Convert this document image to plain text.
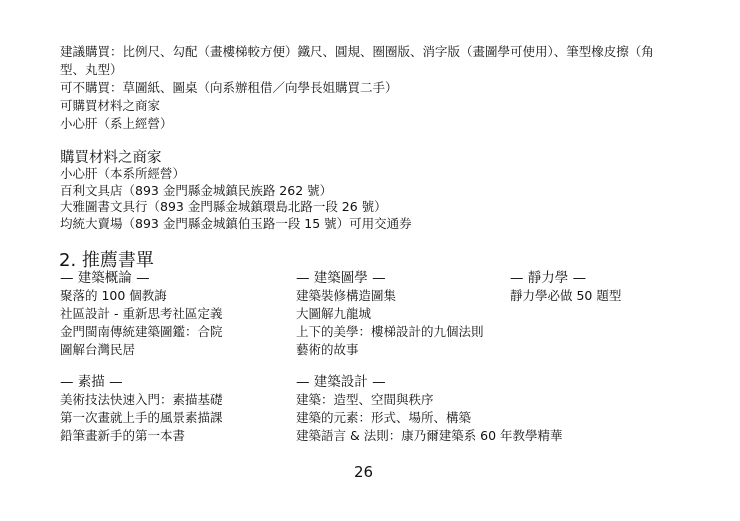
建議購買：比例尺、勾配（畫樓梯較方便）鐵尺、圓規、圈圈版、消字版（畫圖學可使用）、筆型橡皮擦（角
型、丸型）
可不購買：草圖紙、圖桌（向系辦租借／向學長姐購買二手）
可購買材料之商家
小心肝（系上經營）
購買材料之商家
小心肝（本系所經營）
百利文具店（893 金門縣金城鎮民族路 262 號）
大雅圖書文具行（893 金門縣金城鎮環島北路一段 26 號）
均統大賣場（893 金門縣金城鎮伯玉路一段 15 號）可用交通券
2. 推薦書單
— 建築概論 —
聚落的 100 個教誨
社區設計 - 重新思考社區定義
金門閩南傳統建築圖鑑：合院
圖解台灣民居
— 建築圖學 —
建築裝修構造圖集
大圖解九龍城
上下的美學：樓梯設計的九個法則
藝術的故事
— 靜力學 —
靜力學必做 50 題型
— 素描 —
美術技法快速入門：素描基礎
第一次畫就上手的風景素描課
鉛筆畫新手的第一本書
— 建築設計 —
建築：造型、空間與秩序
建築的元素：形式、場所、構築
建築語言 & 法則：康乃爾建築系 60 年教學精華
26
